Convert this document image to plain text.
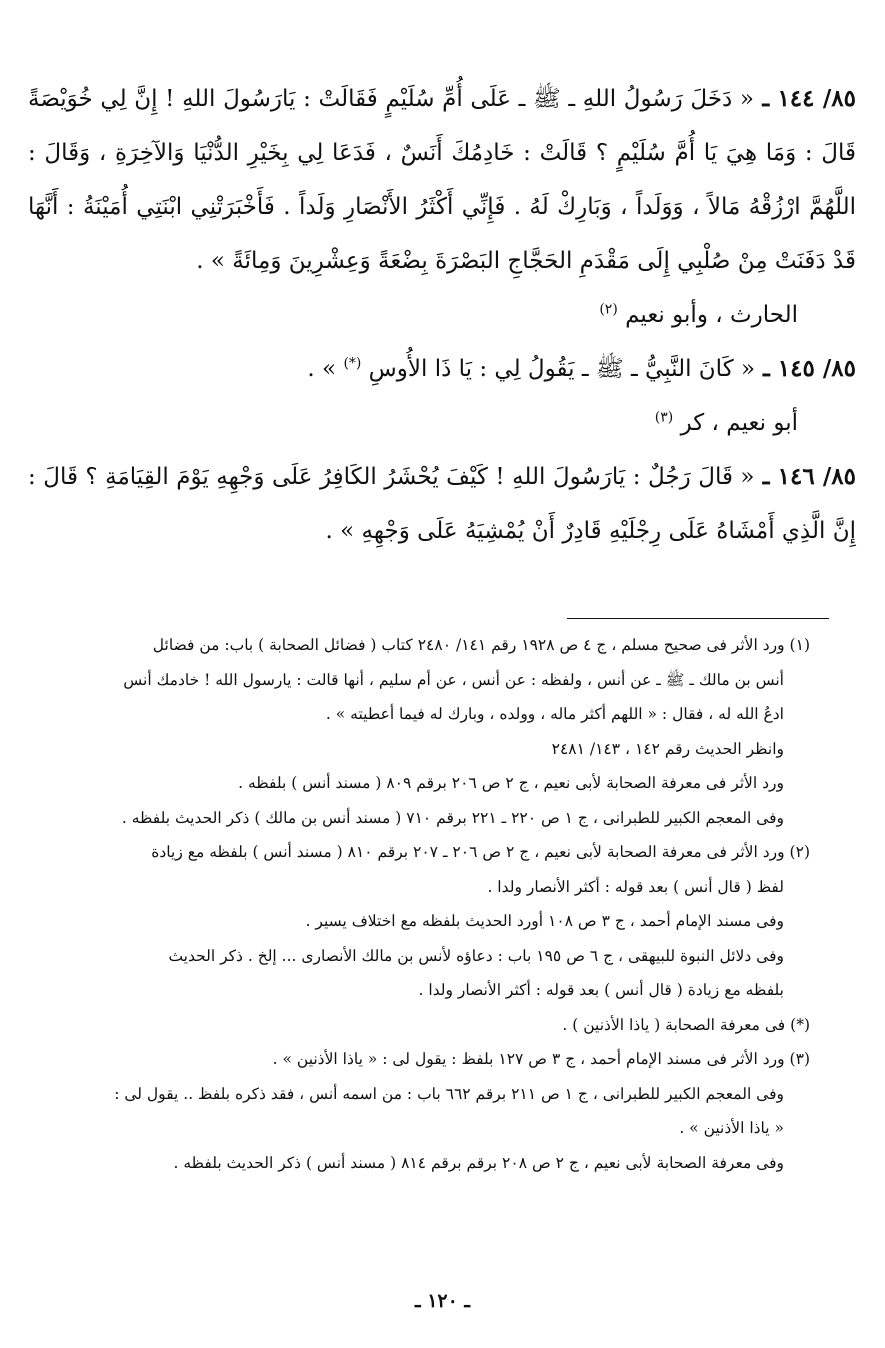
٨٥/ ١٤٤ ـ « دَخَلَ رَسُولُ اللهِ ـ ﷺ ـ عَلَى أُمِّ سُلَيْمٍ فَقَالَتْ : يَارَسُولَ اللهِ ! إِنَّ لِي خُوَيْصَةً قَالَ : وَمَا هِيَ يَا أُمَّ سُلَيْمٍ ؟ قَالَتْ : خَادِمُكَ أَنَسٌ ، فَدَعَا لِي بِخَيْرِ الدُّنْيَا وَالآخِرَةِ ، وَقَالَ : اللَّهُمَّ ارْزُقْهُ مَالاً ، وَوَلَداً ، وَبَارِكْ لَهُ . فَإِنِّي أَكْثَرُ الأَنْصَارِ وَلَداً . فَأَخْبَرَتْنِي ابْنَتِي أُمَيْنَةُ : أَنَّهَا قَدْ دَفَنَتْ مِنْ صُلْبِي إِلَى مَقْدَمِ الحَجَّاجِ البَصْرَةَ بِضْعَةً وَعِشْرِينَ وَمِائَةً » .

الحارث ، وأبو نعيم $^{(٢)}$

٨٥/ ١٤٥ ـ « كَانَ النَّبِيُّ ـ ﷺ ـ يَقُولُ لِي : يَا ذَا الأُوسِ (*) » .

أبو نعيم ، كر $^{(٣)}$

٨٥/ ١٤٦ ـ « قَالَ رَجُلٌ : يَارَسُولَ اللهِ ! كَيْفَ يُحْشَرُ الكَافِرُ عَلَى وَجْهِهِ يَوْمَ القِيَامَةِ ؟ قَالَ : إِنَّ الَّذِي أَمْشَاهُ عَلَى رِجْلَيْهِ قَادِرٌ أَنْ يُمْشِيَهُ عَلَى وَجْهِهِ » .

(١) ورد الأثر فى صحيح مسلم ، ج ٤ ص ١٩٢٨ رقم ١٤١/ ٢٤٨٠ كتاب ( فضائل الصحابة ) باب: من فضائل

أنس بن مالك ـ ﷺ ـ عن أنس ، ولفظه : عن أنس ، عن أم سليم ، أنها قالت : يارسول الله ! خادمك أنس

ادعُ الله له ، فقال : « اللهم أكثر ماله ، وولده ، وبارك له فيما أعطيته » .

وانظر الحديث رقم ١٤٢ ، ١٤٣/ ٢٤٨١

ورد الأثر فى معرفة الصحابة لأبى نعيم ، ج ٢ ص ٢٠٦ برقم ٨٠٩ ( مسند أنس ) بلفظه .

وفى المعجم الكبير للطبرانى ، ج ١ ص ٢٢٠ ـ ٢٢١ برقم ٧١٠ ( مسند أنس بن مالك ) ذكر الحديث بلفظه .

(٢) ورد الأثر فى معرفة الصحابة لأبى نعيم ، ج ٢ ص ٢٠٦ ـ ٢٠٧ برقم ٨١٠ ( مسند أنس ) بلفظه مع زيادة

لفظ ( قال أنس ) بعد قوله : أكثر الأنصار ولدا .

وفى مسند الإمام أحمد ، ج ٣ ص ١٠٨ أورد الحديث بلفظه مع اختلاف يسير .

وفى دلائل النبوة للبيهقى ، ج ٦ ص ١٩٥ باب : دعاؤه لأنس بن مالك الأنصارى ... إلخ . ذكر الحديث

بلفظه مع زيادة ( قال أنس ) بعد قوله : أكثر الأنصار ولدا .

(*) فى معرفة الصحابة ( ياذا الأذنين ) .

(٣) ورد الأثر فى مسند الإمام أحمد ، ج ٣ ص ١٢٧ بلفظ : يقول لى : « ياذا الأذنين » .

وفى المعجم الكبير للطبرانى ، ج ١ ص ٢١١ برقم ٦٦٢ باب : من اسمه أنس ، فقد ذكره بلفظ .. يقول لى :

« ياذا الأذنين » .

وفى معرفة الصحابة لأبى نعيم ، ج ٢ ص ٢٠٨ برقم برقم ٨١٤ ( مسند أنس ) ذكر الحديث بلفظه .

ـ ١٢٠ ـ
